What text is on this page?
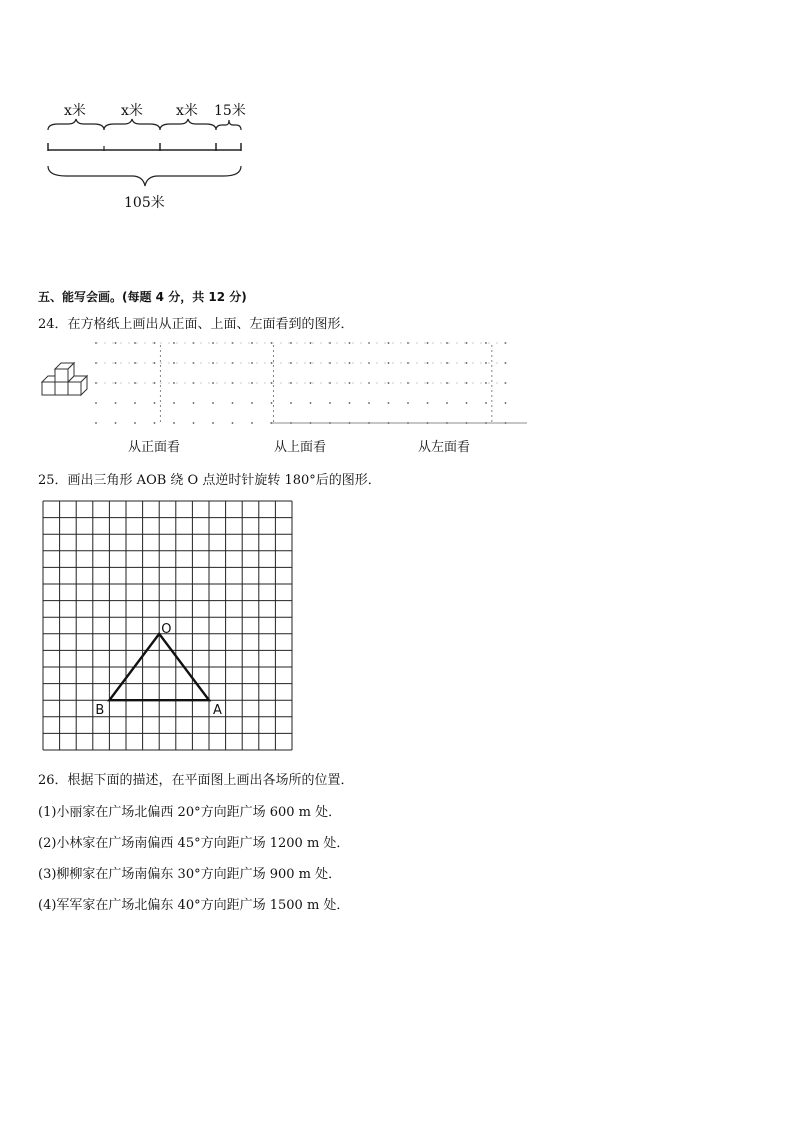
x米	x米 x米 15米
105米
五、能写会画。(每题 4 分，共 12 分)
24．在方格纸上画出从正面、上面、左面看到的图形．
从正面看	从上面看	从左面看
25．画出三角形 AOB 绕 O 点逆时针旋转 180°后的图形．
O
B	A
26．根据下面的描述，在平面图上画出各场所的位置．
(1)小丽家在广场北偏西 20°方向距广场 600 m 处．
(2)小林家在广场南偏西 45°方向距广场 1200 m 处．
(3)柳柳家在广场南偏东 30°方向距广场 900 m 处．
(4)军军家在广场北偏东 40°方向距广场 1500 m 处．
